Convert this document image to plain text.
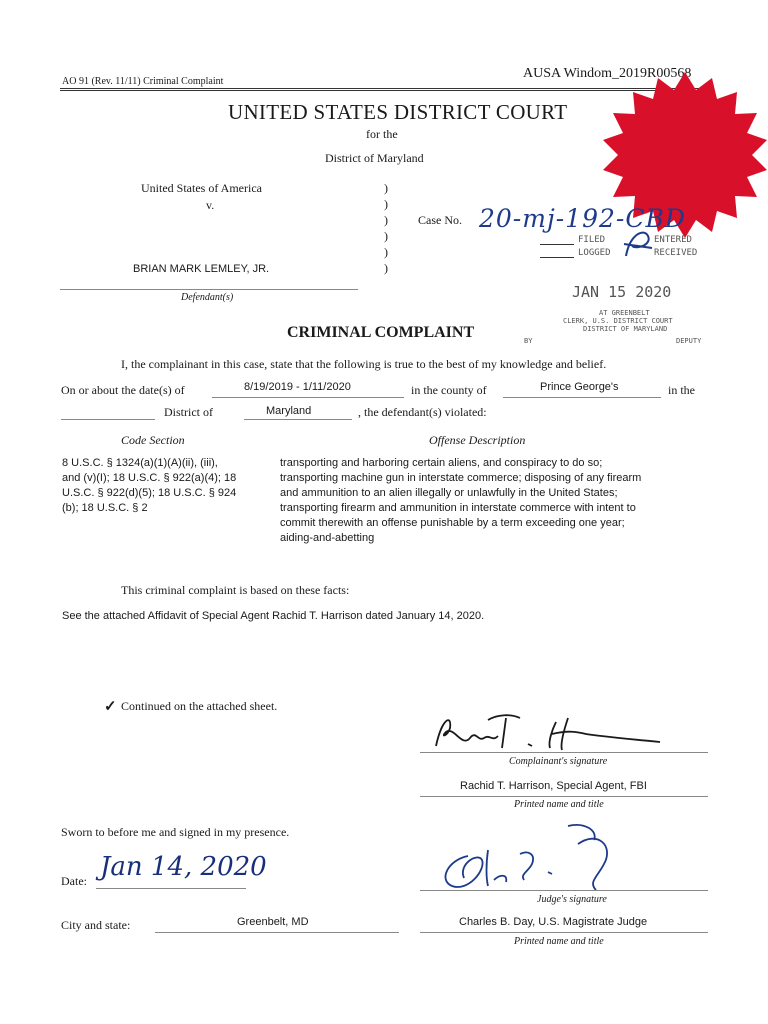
AO 91 (Rev. 11/11) Criminal Complaint
AUSA Windom_2019R00568
UNITED STATES DISTRICT COURT
for the
District of Maryland
United States of America
v.
BRIAN MARK LEMLEY, JR.
Defendant(s)
)
)
)
)
)
)
Case No. 20-mj-192-CBD
FILED	ENTERED
LOGGED	RECEIVED
JAN 15 2020
AT GREENBELT
CLERK, U.S. DISTRICT COURT
DISTRICT OF MARYLAND
BY	DEPUTY
CRIMINAL COMPLAINT
I, the complainant in this case, state that the following is true to the best of my knowledge and belief.
On or about the date(s) of	8/19/2019 - 1/11/2020	in the county of	Prince George's	in the
District of	Maryland	, the defendant(s) violated:
Code Section	Offense Description
8 U.S.C. § 1324(a)(1)(A)(ii), (iii),
and (v)(I); 18 U.S.C. § 922(a)(4); 18
U.S.C. § 922(d)(5); 18 U.S.C. § 924
(b); 18 U.S.C. § 2
transporting and harboring certain aliens, and conspiracy to do so;
transporting machine gun in interstate commerce; disposing of any firearm
and ammunition to an alien illegally or unlawfully in the United States;
transporting firearm and ammunition in interstate commerce with intent to
commit therewith an offense punishable by a term exceeding one year;
aiding-and-abetting
This criminal complaint is based on these facts:
See the attached Affidavit of Special Agent Rachid T. Harrison dated January 14, 2020.
✓ Continued on the attached sheet.
Complainant's signature
Rachid T. Harrison, Special Agent, FBI
Printed name and title
Sworn to before me and signed in my presence.
Date: Jan 14, 2020
Judge's signature
City and state:	Greenbelt, MD	Charles B. Day, U.S. Magistrate Judge
Printed name and title
